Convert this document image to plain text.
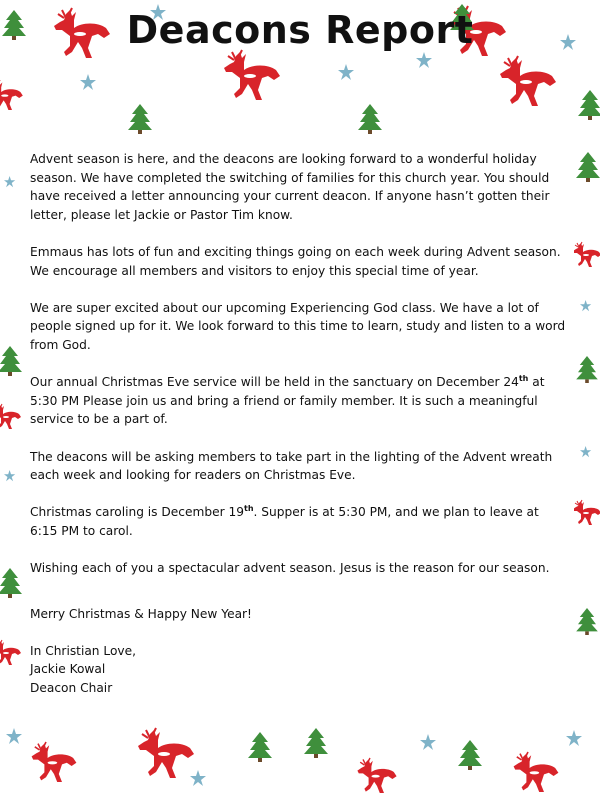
Deacons Report

Advent season is here, and the deacons are looking forward to a wonderful holiday season. We have completed the switching of families for this church year. You should have received a letter announcing your current deacon. If anyone hasn’t gotten their letter, please let Jackie or Pastor Tim know.

Emmaus has lots of fun and exciting things going on each week during Advent season. We encourage all members and visitors to enjoy this special time of year.

We are super excited about our upcoming Experiencing God class. We have a lot of people signed up for it. We look forward to this time to learn, study and listen to a word from God.

Our annual Christmas Eve service will be held in the sanctuary on December 24th at 5:30 PM Please join us and bring a friend or family member. It is such a meaningful service to be a part of.

The deacons will be asking members to take part in the lighting of the Advent wreath each week and looking for readers on Christmas Eve.

Christmas caroling is December 19th. Supper is at 5:30 PM, and we plan to leave at 6:15 PM to carol.

Wishing each of you a spectacular advent season. Jesus is the reason for our season.

Merry Christmas & Happy New Year!

In Christian Love,

Jackie Kowal

Deacon Chair
